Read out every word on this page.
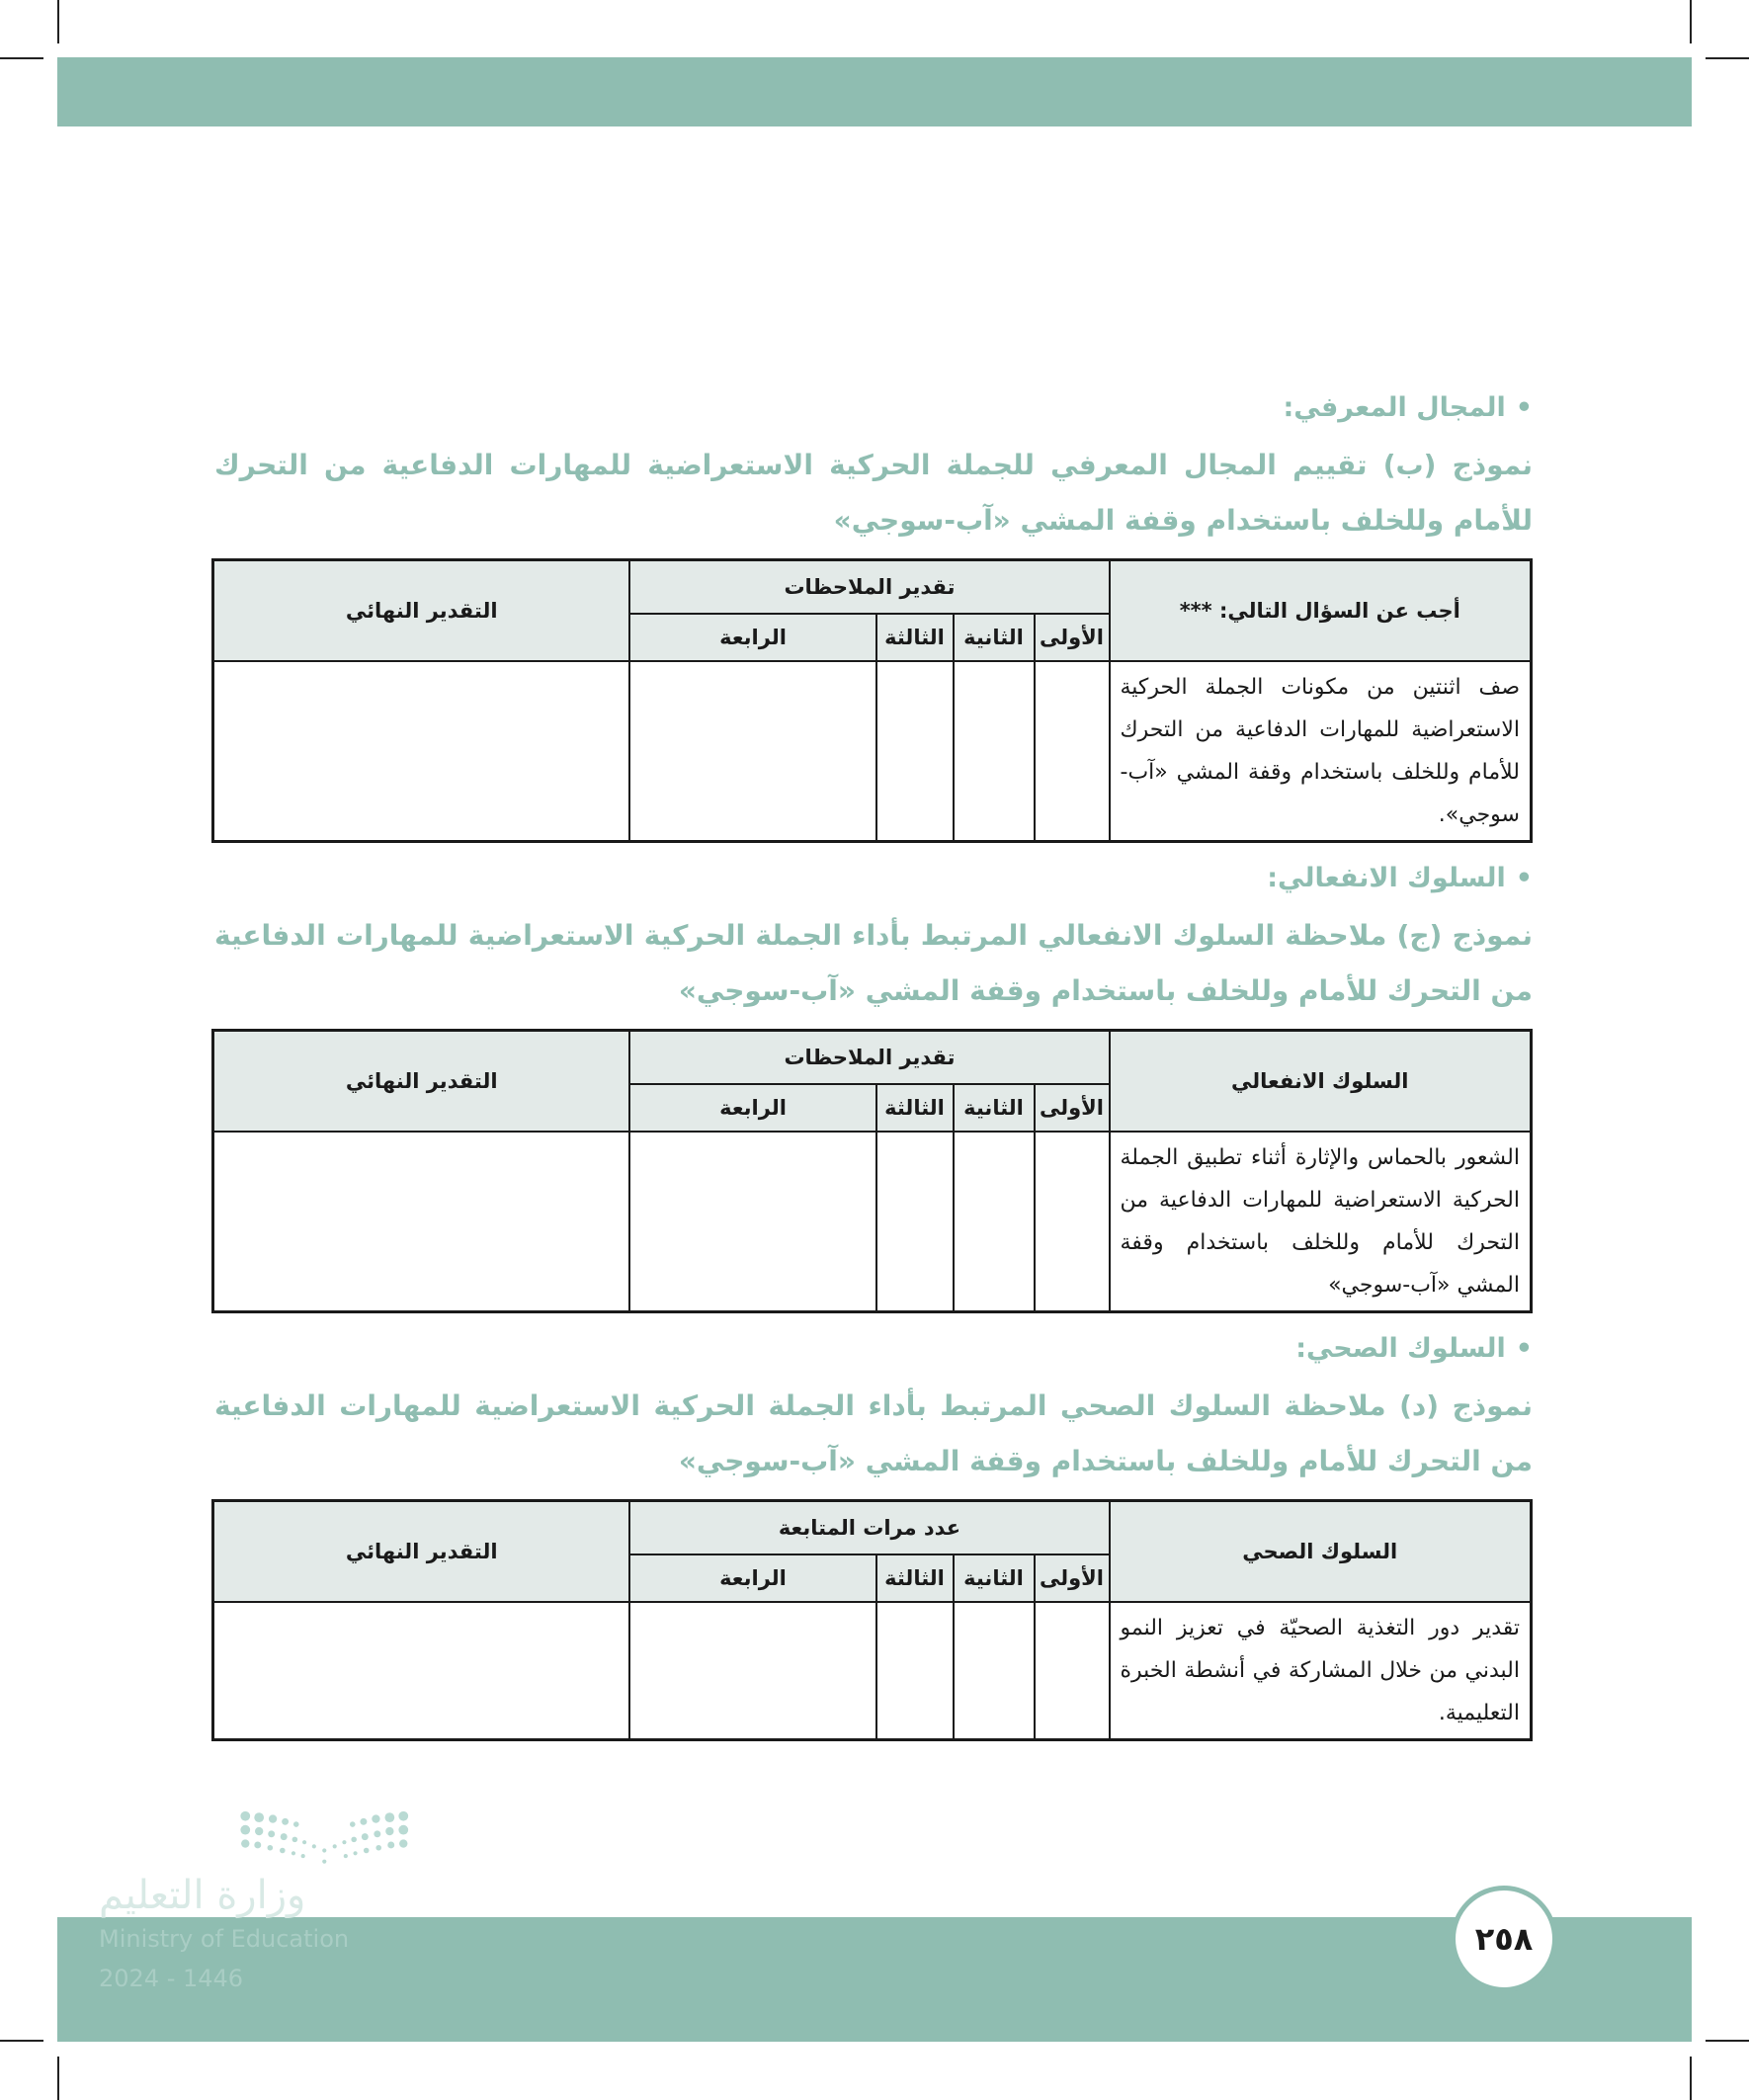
•المجال المعرفي:
نموذج (ب) تقييم المجال المعرفي للجملة الحركية الاستعراضية للمهارات الدفاعية من التحرك للأمام وللخلف باستخدام وقفة المشي «آب-سوجي»
أجب عن السؤال التالي: ***	تقدير الملاحظات				التقدير النهائي
	الأولى	الثانية	الثالثة	الرابعة	
صف اثنتين من مكونات الجملة الحركية الاستعراضية للمهارات الدفاعية من التحرك للأمام وللخلف باستخدام وقفة المشي «آب-سوجي».					
•السلوك الانفعالي:
نموذج (ج) ملاحظة السلوك الانفعالي المرتبط بأداء الجملة الحركية الاستعراضية للمهارات الدفاعية من التحرك للأمام وللخلف باستخدام وقفة المشي «آب-سوجي»
السلوك الانفعالي	تقدير الملاحظات				التقدير النهائي
	الأولى	الثانية	الثالثة	الرابعة	
الشعور بالحماس والإثارة أثناء تطبيق الجملة الحركية الاستعراضية للمهارات الدفاعية من التحرك للأمام وللخلف باستخدام وقفة المشي «آب-سوجي»					
•السلوك الصحي:
نموذج (د) ملاحظة السلوك الصحي المرتبط بأداء الجملة الحركية الاستعراضية للمهارات الدفاعية من التحرك للأمام وللخلف باستخدام وقفة المشي «آب-سوجي»
السلوك الصحي	عدد مرات المتابعة				التقدير النهائي
	الأولى	الثانية	الثالثة	الرابعة	
تقدير دور التغذية الصحيّة في تعزيز النمو البدني من خلال المشاركة في أنشطة الخبرة التعليمية.					
وزارة التعليم
Ministry of Education
2024 - 1446
٢٥٨
